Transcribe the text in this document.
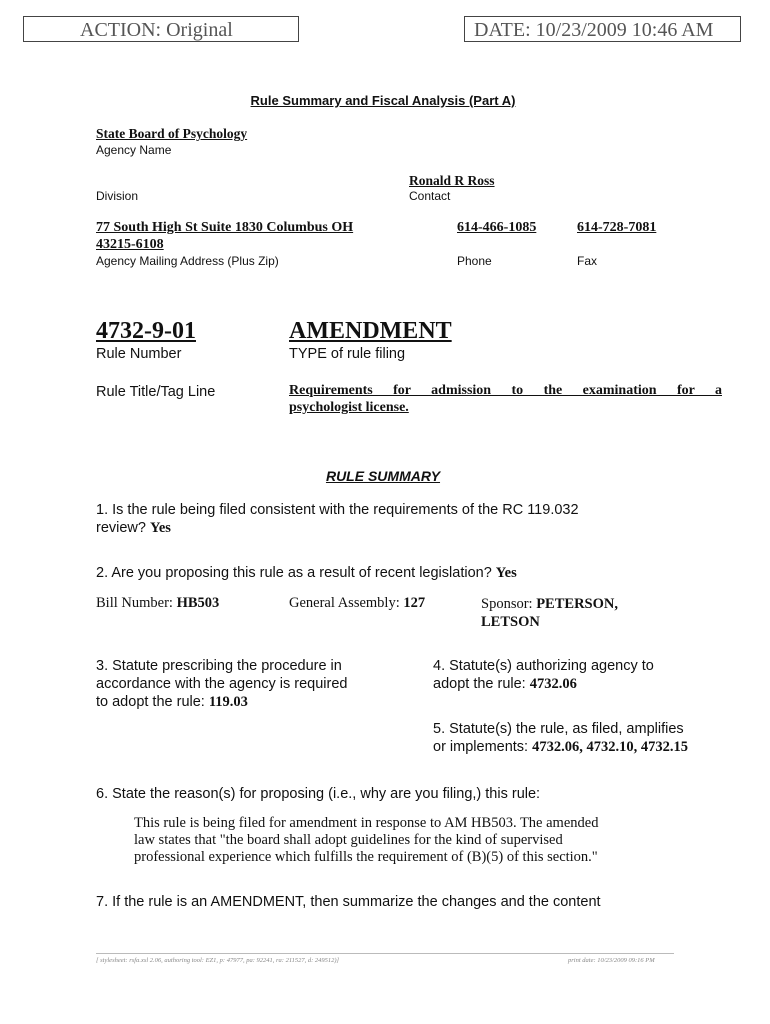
ACTION: Original	DATE: 10/23/2009 10:46 AM
Rule Summary and Fiscal Analysis (Part A)
State Board of Psychology
Agency Name
Ronald R Ross
Division	Contact
77 South High St Suite 1830 Columbus OH
43215-6108
614-466-1085	614-728-7081
Agency Mailing Address (Plus Zip)	Phone	Fax
4732-9-01	AMENDMENT
Rule Number	TYPE of rule filing
Rule Title/Tag Line	Requirements for admission to the examination for a
psychologist license.
RULE SUMMARY
1. Is the rule being filed consistent with the requirements of the RC 119.032
review? Yes
2. Are you proposing this rule as a result of recent legislation? Yes
Bill Number: HB503	General Assembly: 127	Sponsor: PETERSON,
LETSON
3. Statute prescribing the procedure in
accordance with the agency is required
to adopt the rule: 119.03
4. Statute(s) authorizing agency to
adopt the rule: 4732.06
5. Statute(s) the rule, as filed, amplifies
or implements: 4732.06, 4732.10, 4732.15
6. State the reason(s) for proposing (i.e., why are you filing,) this rule:
This rule is being filed for amendment in response to AM HB503. The amended
law states that "the board shall adopt guidelines for the kind of supervised
professional experience which fulfills the requirement of (B)(5) of this section."
7. If the rule is an AMENDMENT, then summarize the changes and the content
[ stylesheet: rsfa.xsl 2.06, authoring tool: EZ1, p: 47977, pa: 92241, ra: 211527, d: 249512)]	print date: 10/23/2009 09:16 PM
